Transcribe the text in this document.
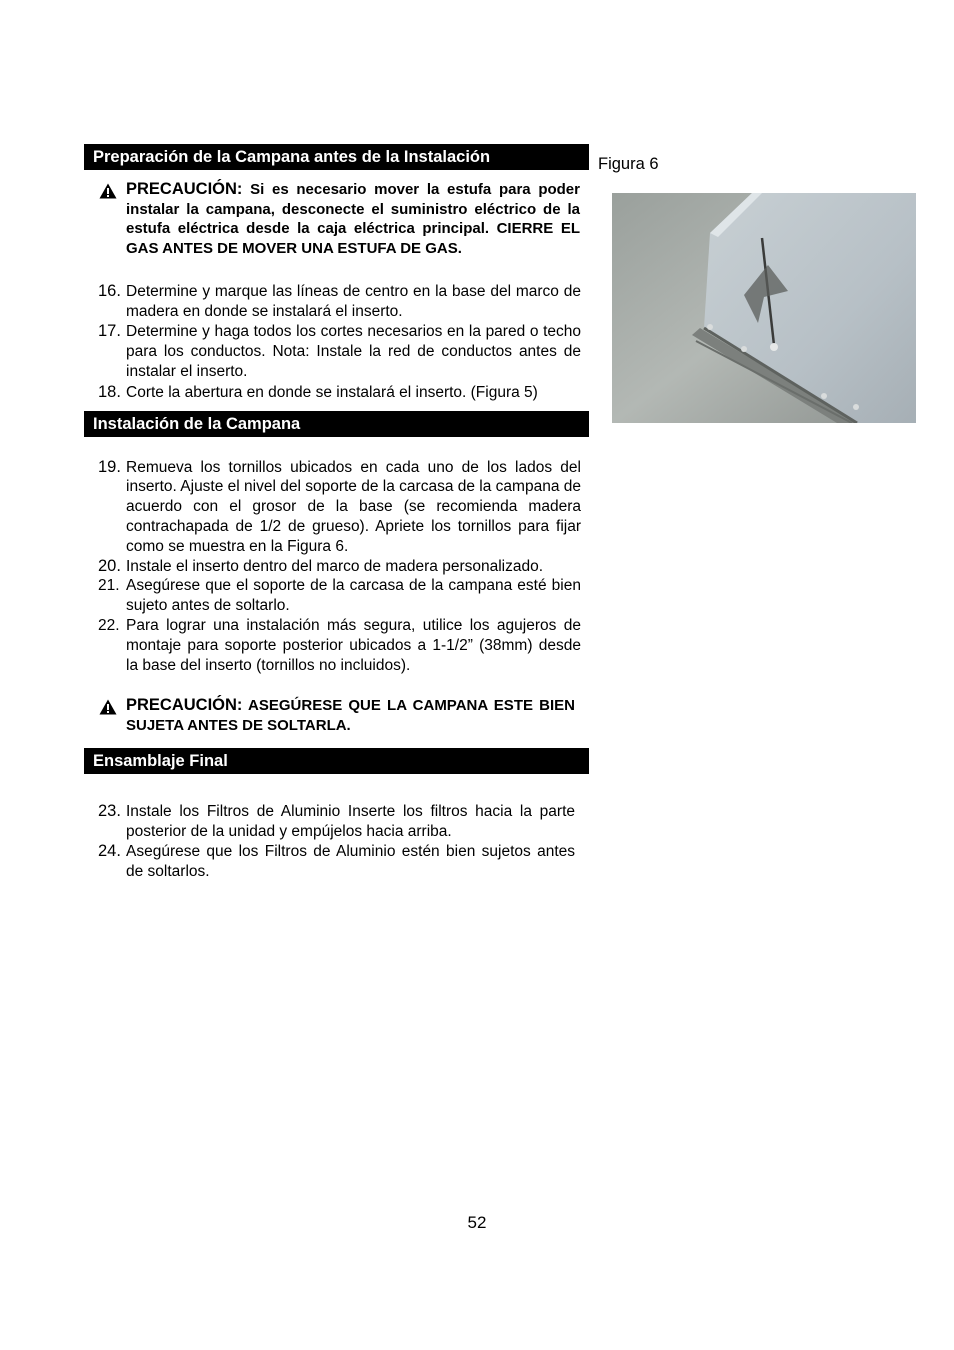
Preparación de la Campana antes de la Instalación
PRECAUCIÓN: Si es necesario mover la estufa para poder instalar la campana, desconecte el suministro eléctrico de la estufa eléctrica desde la caja eléctrica principal. CIERRE EL GAS ANTES DE MOVER UNA ESTUFA DE GAS.
16. Determine y marque las líneas de centro en la base del marco de madera en donde se instalará el inserto.
17. Determine y haga todos los cortes necesarios en la pared o techo para los conductos. Nota: Instale la red de conductos antes de instalar el inserto.
18. Corte la abertura en donde se instalará el inserto. (Figura 5)
Instalación de la Campana
19. Remueva los tornillos ubicados en cada uno de los lados del inserto. Ajuste el nivel del soporte de la carcasa de la campana de acuerdo con el grosor de la base (se recomienda madera contrachapada de 1/2 de grueso). Apriete los tornillos para fijar como se muestra en la Figura 6.
20. Instale el inserto dentro del marco de madera personalizado.
21. Asegúrese que el soporte de la carcasa de la campana esté bien sujeto antes de soltarlo.
22. Para lograr una instalación más segura, utilice los agujeros de montaje para soporte posterior ubicados a 1-1/2” (38mm) desde la base del inserto (tornillos no incluidos).
PRECAUCIÓN: ASEGÚRESE QUE LA CAMPANA ESTE BIEN SUJETA ANTES DE SOLTARLA.
Ensamblaje Final
23. Instale los Filtros de Aluminio Inserte los filtros hacia la parte posterior de la unidad y empújelos hacia arriba.
24. Asegúrese que los Filtros de Aluminio estén bien sujetos antes de soltarlos.
Figura 6
52
